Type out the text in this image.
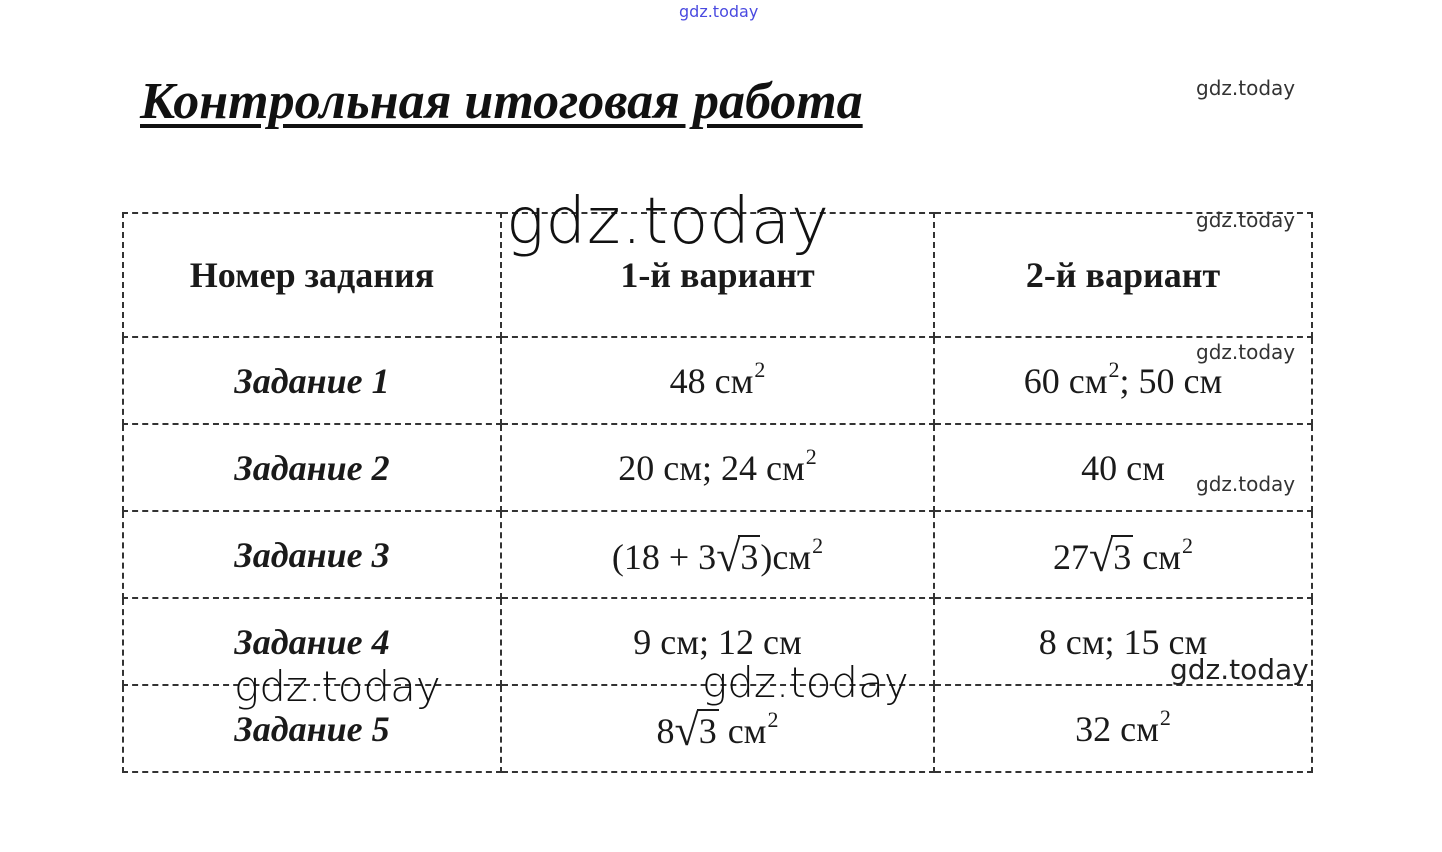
gdz.today
gdz.today
Контрольная итоговая работа
Номер задания	1-й вариант	2-й вариант
Задание 1	48 $см^2$	60 $см^2$; 50 см
Задание 2	20 см; 24 $см^2$	40 см
Задание 3	$(18 + 3√3)см^2$	27√3 $см^2$
Задание 4	9 см; 12 см	8 см; 15 см
Задание 5	8√3 $см^2$	32 $см^2$
gdz.today	gdz.today
gdz.today
gdz.today
gdz.today
gdz.today	gdz.today
